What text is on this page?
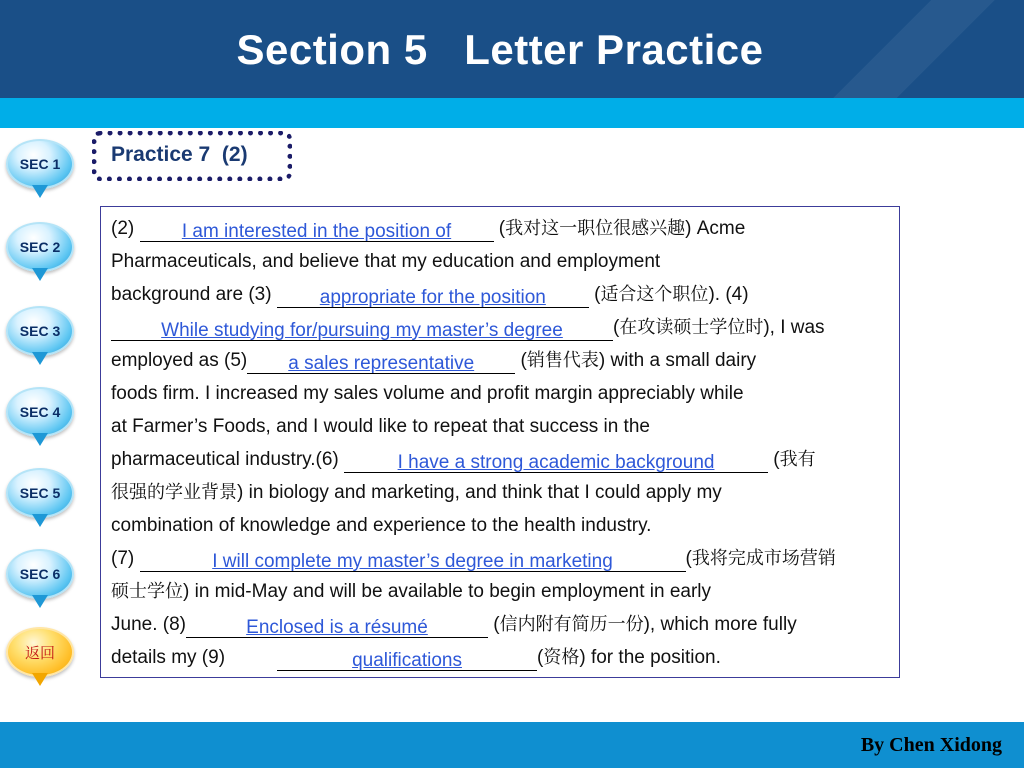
Section 5   Letter Practice
SEC 1
SEC 2
SEC 3
SEC 4
SEC 5
SEC 6
返回
Practice 7  (2)
(2) I am interested in the position of (我对这一职位很感兴趣) Acme
Pharmaceuticals, and believe that my education and employment
background are (3) appropriate for the position (适合这个职位). (4)
While studying for/pursuing my master’s degree	(在攻读硕士学位时), I was
employed as (5) a sales representative (销售代表) with a small dairy
foods firm. I increased my sales volume and profit margin appreciably while
at Farmer’s Foods, and I would like to repeat that success in the
pharmaceutical industry.(6)	I have a strong academic background	(我有
很强的学业背景) in biology and marketing, and think that I could apply my
combination of knowledge and experience to the health industry.
(7)	I will complete my master’s degree in marketing	(我将完成市场营销
硕士学位) in mid-May and will be available to begin employment in early
June. (8)	Enclosed is a résumé	(信内附有简历一份), which more fully
details my (9)	qualifications	(资格) for the position.
By Chen Xidong
